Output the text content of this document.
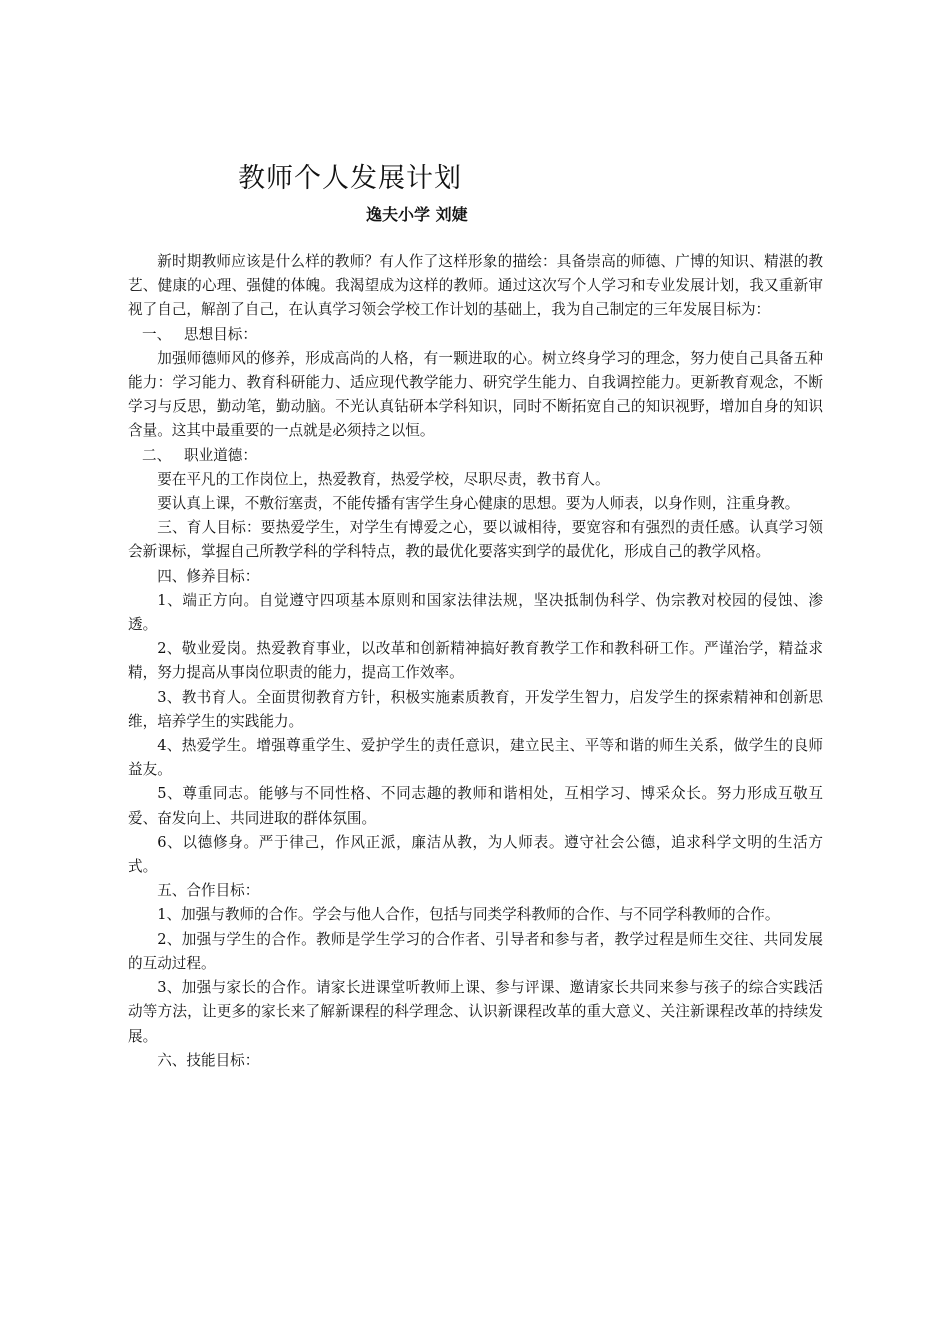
教师个人发展计划
逸夫小学 刘婕

新时期教师应该是什么样的教师？有人作了这样形象的描绘：具备崇高的师德、广博的知识、精湛的教艺、健康的心理、强健的体魄。我渴望成为这样的教师。通过这次写个人学习和专业发展计划，我又重新审视了自己，解剖了自己，在认真学习领会学校工作计划的基础上，我为自己制定的三年发展目标为：

一、 思想目标：

加强师德师风的修养，形成高尚的人格，有一颗进取的心。树立终身学习的理念，努力使自己具备五种能力：学习能力、教育科研能力、适应现代教学能力、研究学生能力、自我调控能力。更新教育观念，不断学习与反思，勤动笔，勤动脑。不光认真钻研本学科知识，同时不断拓宽自己的知识视野，增加自身的知识含量。这其中最重要的一点就是必须持之以恒。

二、 职业道德：

要在平凡的工作岗位上，热爱教育，热爱学校，尽职尽责，教书育人。

要认真上课，不敷衍塞责，不能传播有害学生身心健康的思想。要为人师表，以身作则，注重身教。

三、育人目标：要热爱学生，对学生有博爱之心，要以诚相待，要宽容和有强烈的责任感。认真学习领会新课标，掌握自己所教学科的学科特点，教的最优化要落实到学的最优化，形成自己的教学风格。

四、修养目标：

1、端正方向。自觉遵守四项基本原则和国家法律法规，坚决抵制伪科学、伪宗教对校园的侵蚀、渗透。

2、敬业爱岗。热爱教育事业，以改革和创新精神搞好教育教学工作和教科研工作。严谨治学，精益求精，努力提高从事岗位职责的能力，提高工作效率。

3、教书育人。全面贯彻教育方针，积极实施素质教育，开发学生智力，启发学生的探索精神和创新思维，培养学生的实践能力。

4、热爱学生。增强尊重学生、爱护学生的责任意识，建立民主、平等和谐的师生关系，做学生的良师益友。

5、尊重同志。能够与不同性格、不同志趣的教师和谐相处，互相学习、博采众长。努力形成互敬互爱、奋发向上、共同进取的群体氛围。

6、以德修身。严于律己，作风正派，廉洁从教，为人师表。遵守社会公德，追求科学文明的生活方式。

五、合作目标：

1、加强与教师的合作。学会与他人合作，包括与同类学科教师的合作、与不同学科教师的合作。

2、加强与学生的合作。教师是学生学习的合作者、引导者和参与者，教学过程是师生交往、共同发展的互动过程。

3、加强与家长的合作。请家长进课堂听教师上课、参与评课、邀请家长共同来参与孩子的综合实践活动等方法，让更多的家长来了解新课程的科学理念、认识新课程改革的重大意义、关注新课程改革的持续发展。

六、技能目标：
